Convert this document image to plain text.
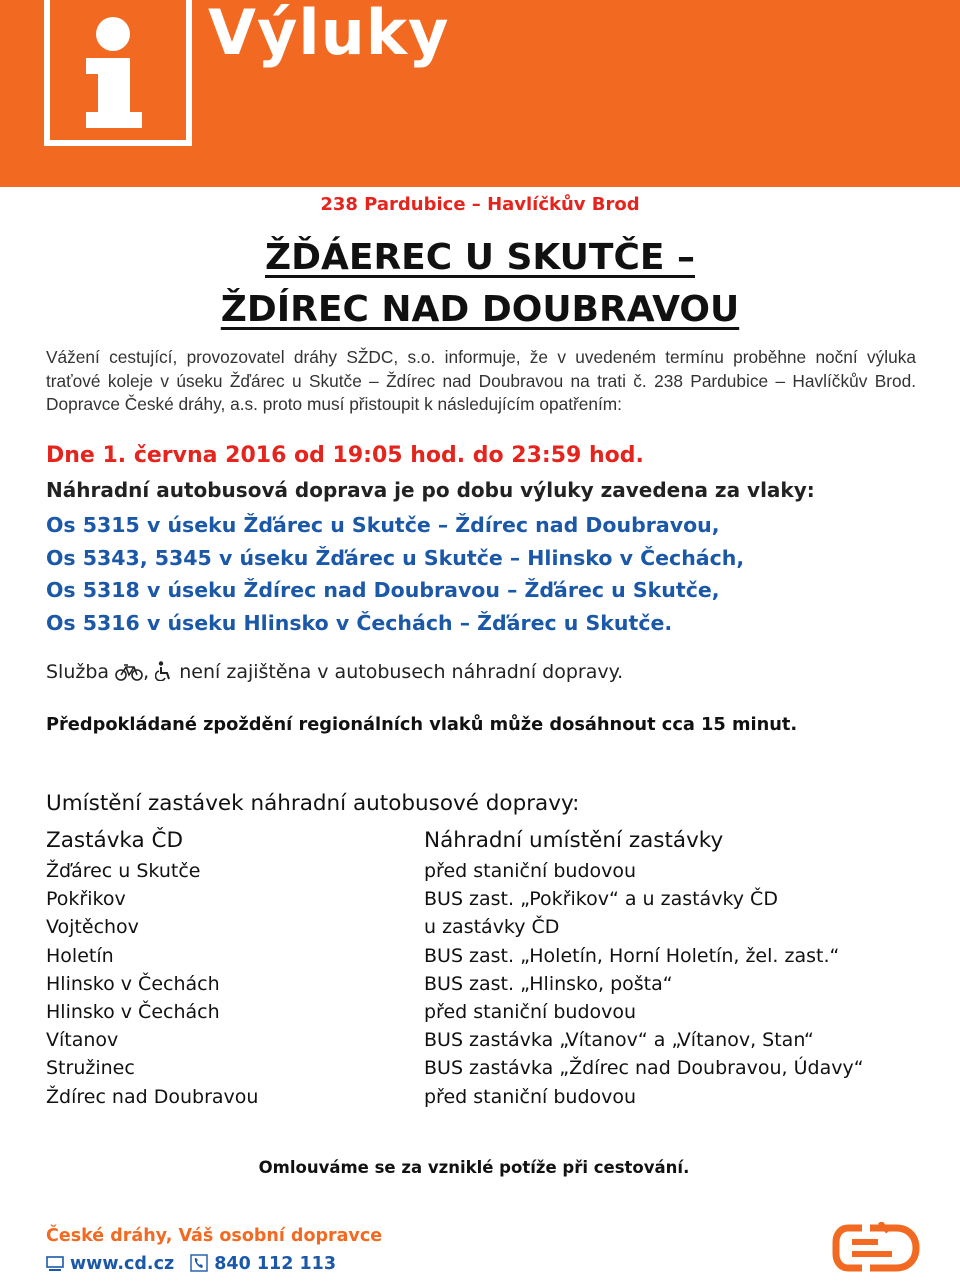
Výluky
238 Pardubice – Havlíčkův Brod
ŽĎÁEREC U SKUTČE –
ŽDÍREC NAD DOUBRAVOU
Vážení cestující, provozovatel dráhy SŽDC, s.o. informuje, že v uvedeném termínu proběhne noční výluka traťové koleje v úseku Žďárec u Skutče – Ždírec nad Doubravou na trati č. 238 Pardubice – Havlíčkův Brod. Dopravce České dráhy, a.s. proto musí přistoupit k následujícím opatřením:
Dne 1. června 2016 od 19:05 hod. do 23:59 hod.
Náhradní autobusová doprava je po dobu výluky zavedena za vlaky:
Os 5315 v úseku Žďárec u Skutče – Ždírec nad Doubravou,
Os 5343, 5345 v úseku Žďárec u Skutče – Hlinsko v Čechách,
Os 5318 v úseku Ždírec nad Doubravou – Žďárec u Skutče,
Os 5316 v úseku Hlinsko v Čechách – Žďárec u Skutče.
Služba , není zajištěna v autobusech náhradní dopravy.
Předpokládané zpoždění regionálních vlaků může dosáhnout cca 15 minut.
Umístění zastávek náhradní autobusové dopravy:
Zastávka ČD	Náhradní umístění zastávky
Žďárec u Skutče	před staniční budovou
Pokřikov	BUS zast. „Pokřikov“ a u zastávky ČD
Vojtěchov	u zastávky ČD
Holetín	BUS zast. „Holetín, Horní Holetín, žel. zast.“
Hlinsko v Čechách	BUS zast. „Hlinsko, pošta“
Hlinsko v Čechách	před staniční budovou
Vítanov	BUS zastávka „Vítanov“ a „Vítanov, Stan“
Stružinec	BUS zastávka „Ždírec nad Doubravou, Údavy“
Ždírec nad Doubravou	před staniční budovou
Omlouváme se za vzniklé potíže při cestování.
České dráhy, Váš osobní dopravce
www.cd.cz 840 112 113
